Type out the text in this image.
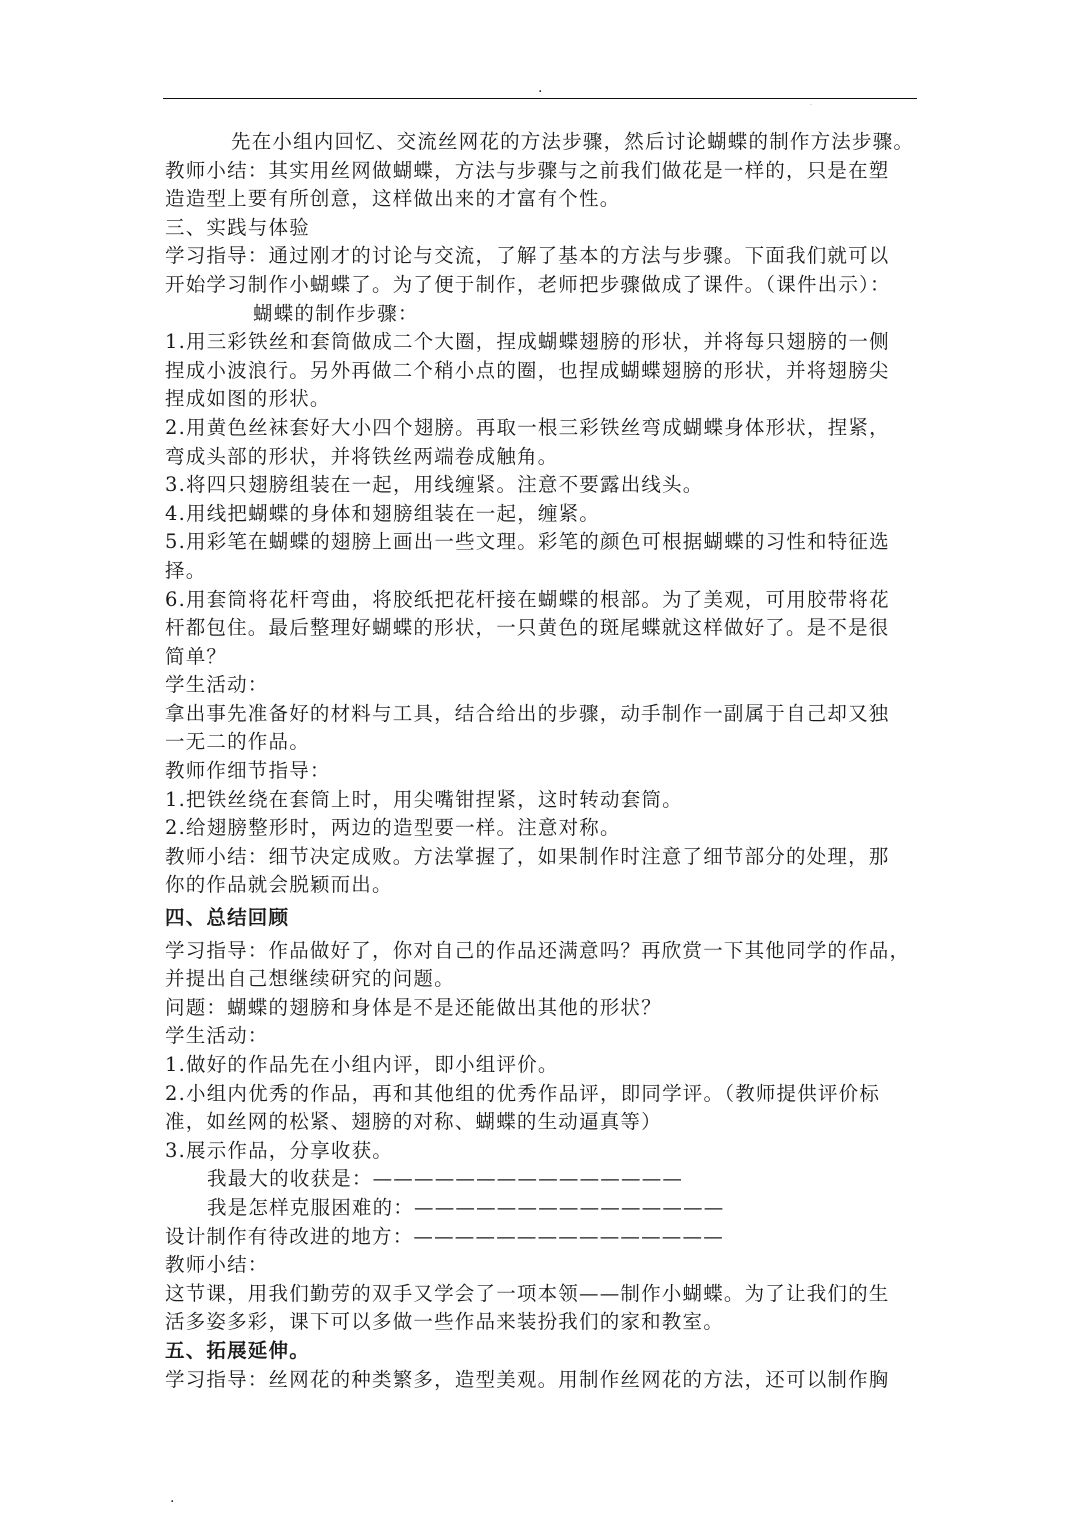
.
.

先在小组内回忆、交流丝网花的方法步骤，然后讨论蝴蝶的制作方法步骤。

教师小结：其实用丝网做蝴蝶，方法与步骤与之前我们做花是一样的，只是在塑

造造型上要有所创意，这样做出来的才富有个性。

三、实践与体验

学习指导：通过刚才的讨论与交流，了解了基本的方法与步骤。下面我们就可以

开始学习制作小蝴蝶了。为了便于制作，老师把步骤做成了课件。（课件出示）：

蝴蝶的制作步骤：

1.用三彩铁丝和套筒做成二个大圈，捏成蝴蝶翅膀的形状，并将每只翅膀的一侧

捏成小波浪行。另外再做二个稍小点的圈，也捏成蝴蝶翅膀的形状，并将翅膀尖

捏成如图的形状。

2.用黄色丝袜套好大小四个翅膀。再取一根三彩铁丝弯成蝴蝶身体形状，捏紧，

弯成头部的形状，并将铁丝两端卷成触角。

3.将四只翅膀组装在一起，用线缠紧。注意不要露出线头。

4.用线把蝴蝶的身体和翅膀组装在一起，缠紧。

5.用彩笔在蝴蝶的翅膀上画出一些文理。彩笔的颜色可根据蝴蝶的习性和特征选

择。

6.用套筒将花杆弯曲，将胶纸把花杆接在蝴蝶的根部。为了美观，可用胶带将花

杆都包住。最后整理好蝴蝶的形状，一只黄色的斑尾蝶就这样做好了。是不是很

简单？

学生活动：

拿出事先准备好的材料与工具，结合给出的步骤，动手制作一副属于自己却又独

一无二的作品。

教师作细节指导：

1.把铁丝绕在套筒上时，用尖嘴钳捏紧，这时转动套筒。

2.给翅膀整形时，两边的造型要一样。注意对称。

教师小结：细节决定成败。方法掌握了，如果制作时注意了细节部分的处理，那

你的作品就会脱颖而出。

四、总结回顾

学习指导：作品做好了，你对自己的作品还满意吗？再欣赏一下其他同学的作品，

并提出自己想继续研究的问题。

问题：蝴蝶的翅膀和身体是不是还能做出其他的形状？

学生活动：

1.做好的作品先在小组内评，即小组评价。

2.小组内优秀的作品，再和其他组的优秀作品评，即同学评。（教师提供评价标

准，如丝网的松紧、翅膀的对称、蝴蝶的生动逼真等）

3.展示作品，分享收获。

我最大的收获是：———————————————

我是怎样克服困难的：———————————————

设计制作有待改进的地方：———————————————

教师小结：

这节课，用我们勤劳的双手又学会了一项本领——制作小蝴蝶。为了让我们的生

活多姿多彩，课下可以多做一些作品来装扮我们的家和教室。

五、拓展延伸。

学习指导：丝网花的种类繁多，造型美观。用制作丝网花的方法，还可以制作胸

.
